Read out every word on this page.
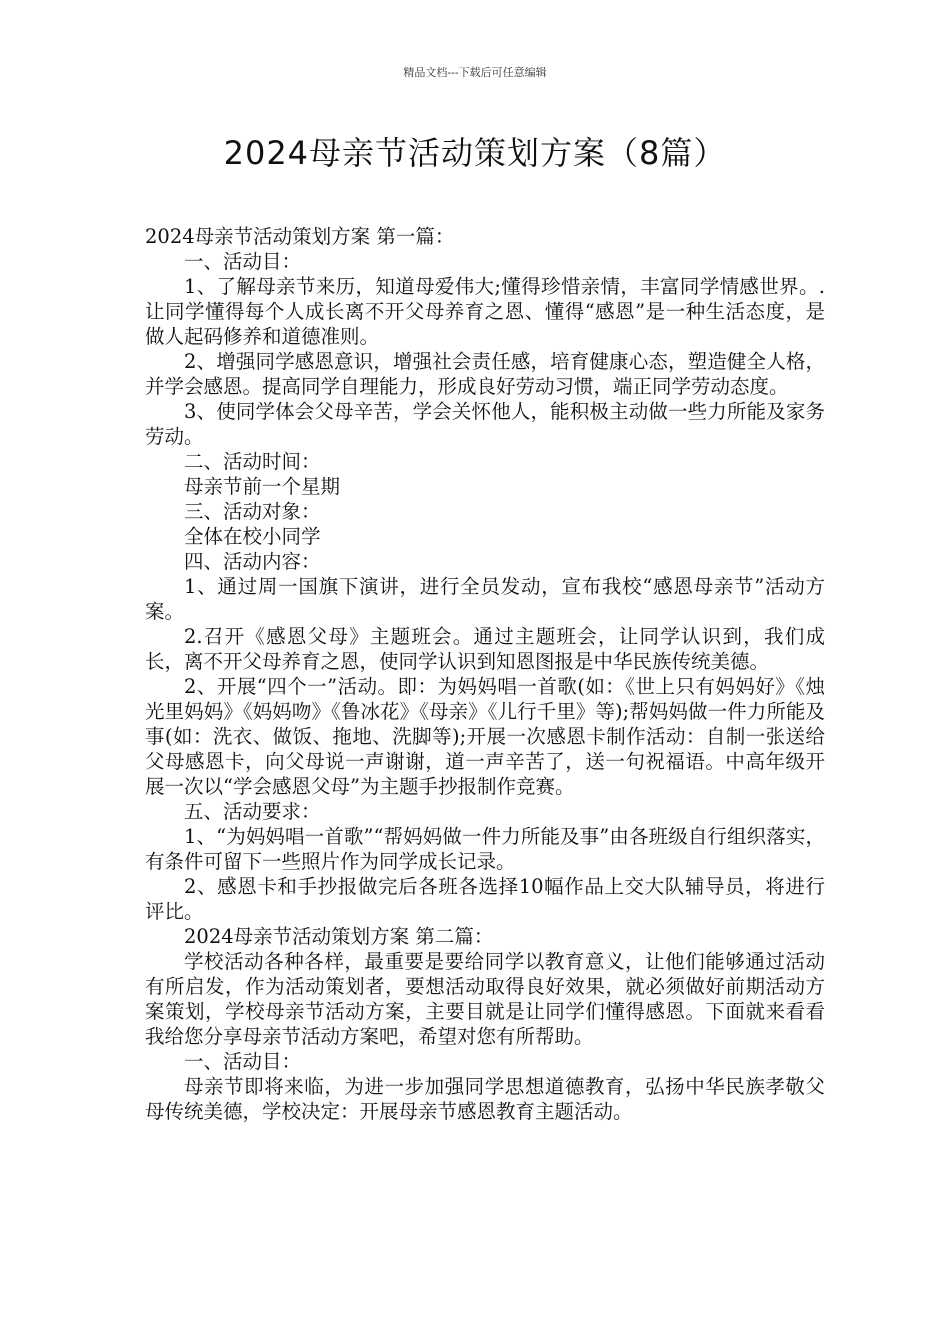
精品文档---下载后可任意编辑
2024母亲节活动策划方案（8篇）

2024母亲节活动策划方案 第一篇：

一、活动目：

1、了解母亲节来历，知道母爱伟大;懂得珍惜亲情，丰富同学情感世界。.让同学懂得每个人成长离不开父母养育之恩、懂得“感恩”是一种生活态度，是做人起码修养和道德准则。

2、增强同学感恩意识，增强社会责任感，培育健康心态，塑造健全人格，并学会感恩。提高同学自理能力，形成良好劳动习惯，端正同学劳动态度。

3、使同学体会父母辛苦，学会关怀他人，能积极主动做一些力所能及家务劳动。

二、活动时间：

母亲节前一个星期

三、活动对象：

全体在校小同学

四、活动内容：

1、通过周一国旗下演讲，进行全员发动，宣布我校“感恩母亲节”活动方案。

2.召开《感恩父母》主题班会。通过主题班会，让同学认识到，我们成长，离不开父母养育之恩，使同学认识到知恩图报是中华民族传统美德。

2、开展“四个一”活动。即：为妈妈唱一首歌(如：《世上只有妈妈好》《烛光里妈妈》《妈妈吻》《鲁冰花》《母亲》《儿行千里》等);帮妈妈做一件力所能及事(如：洗衣、做饭、拖地、洗脚等);开展一次感恩卡制作活动：自制一张送给父母感恩卡，向父母说一声谢谢，道一声辛苦了，送一句祝福语。中高年级开展一次以“学会感恩父母”为主题手抄报制作竞赛。

五、活动要求：

1、“为妈妈唱一首歌”“帮妈妈做一件力所能及事”由各班级自行组织落实，有条件可留下一些照片作为同学成长记录。

2、感恩卡和手抄报做完后各班各选择10幅作品上交大队辅导员，将进行评比。

2024母亲节活动策划方案 第二篇：

学校活动各种各样，最重要是要给同学以教育意义，让他们能够通过活动有所启发，作为活动策划者，要想活动取得良好效果，就必须做好前期活动方案策划，学校母亲节活动方案，主要目就是让同学们懂得感恩。下面就来看看我给您分享母亲节活动方案吧，希望对您有所帮助。

一、活动目：

母亲节即将来临，为进一步加强同学思想道德教育，弘扬中华民族孝敬父母传统美德，学校决定：开展母亲节感恩教育主题活动。
